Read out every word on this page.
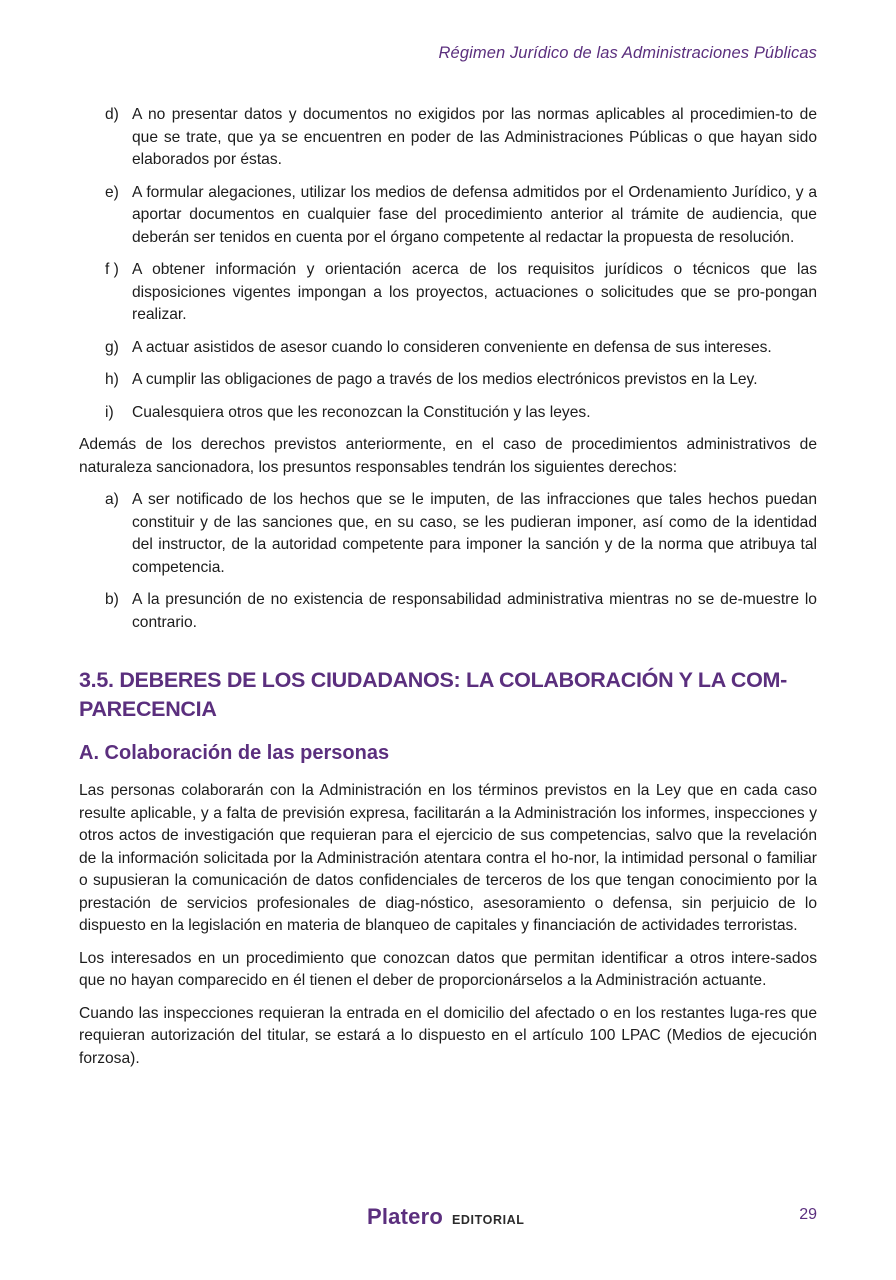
Régimen Jurídico de las Administraciones Públicas
d) A no presentar datos y documentos no exigidos por las normas aplicables al procedimien-to de que se trate, que ya se encuentren en poder de las Administraciones Públicas o que hayan sido elaborados por éstas.
e) A formular alegaciones, utilizar los medios de defensa admitidos por el Ordenamiento Jurídico, y a aportar documentos en cualquier fase del procedimiento anterior al trámite de audiencia, que deberán ser tenidos en cuenta por el órgano competente al redactar la propuesta de resolución.
f ) A obtener información y orientación acerca de los requisitos jurídicos o técnicos que las disposiciones vigentes impongan a los proyectos, actuaciones o solicitudes que se pro-pongan realizar.
g) A actuar asistidos de asesor cuando lo consideren conveniente en defensa de sus intereses.
h) A cumplir las obligaciones de pago a través de los medios electrónicos previstos en la Ley.
i) Cualesquiera otros que les reconozcan la Constitución y las leyes.

Además de los derechos previstos anteriormente, en el caso de procedimientos administrativos de naturaleza sancionadora, los presuntos responsables tendrán los siguientes derechos:

a) A ser notificado de los hechos que se le imputen, de las infracciones que tales hechos puedan constituir y de las sanciones que, en su caso, se les pudieran imponer, así como de la identidad del instructor, de la autoridad competente para imponer la sanción y de la norma que atribuya tal competencia.
b) A la presunción de no existencia de responsabilidad administrativa mientras no se de-muestre lo contrario.
3.5. DEBERES DE LOS CIUDADANOS: LA COLABORACIÓN Y LA COM-PARECENCIA
A. Colaboración de las personas

Las personas colaborarán con la Administración en los términos previstos en la Ley que en cada caso resulte aplicable, y a falta de previsión expresa, facilitarán a la Administración los informes, inspecciones y otros actos de investigación que requieran para el ejercicio de sus competencias, salvo que la revelación de la información solicitada por la Administración atentara contra el ho-nor, la intimidad personal o familiar o supusieran la comunicación de datos confidenciales de terceros de los que tengan conocimiento por la prestación de servicios profesionales de diag-nóstico, asesoramiento o defensa, sin perjuicio de lo dispuesto en la legislación en materia de blanqueo de capitales y financiación de actividades terroristas.

Los interesados en un procedimiento que conozcan datos que permitan identificar a otros intere-sados que no hayan comparecido en él tienen el deber de proporcionárselos a la Administración actuante.

Cuando las inspecciones requieran la entrada en el domicilio del afectado o en los restantes luga-res que requieran autorización del titular, se estará a lo dispuesto en el artículo 100 LPAC (Medios de ejecución forzosa).

Platero EDITORIAL	29
